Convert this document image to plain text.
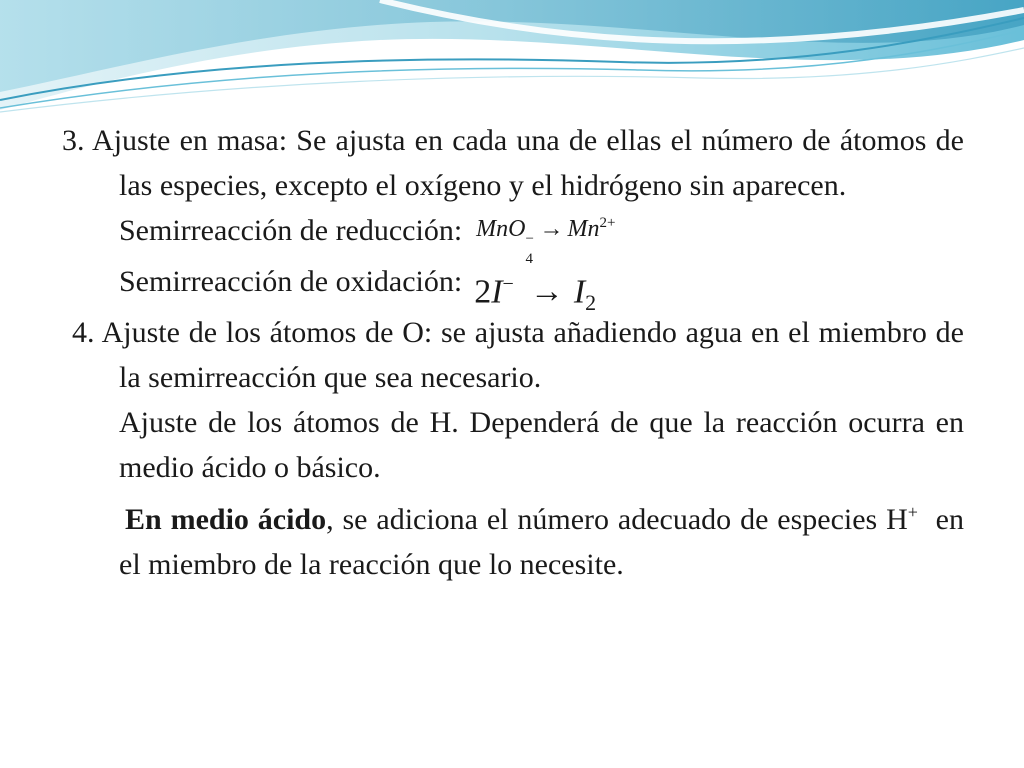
3. Ajuste en masa: Se ajusta en cada una de ellas el número de átomos de las especies, excepto el oxígeno y el hidrógeno sin aparecen.

Semirreacción de reducción: MnO −
4
→ $Mn^{2+}$
Semirreacción de oxidación: $2I^- \to I_2$

4. Ajuste de los átomos de O: se ajusta añadiendo agua en el miembro de la semirreacción que sea necesario.

Ajuste de los átomos de H. Dependerá de que la reacción ocurra en medio ácido o básico.

En medio ácido, se adiciona el número adecuado de especies H+  en el miembro de la reacción que lo necesite.
